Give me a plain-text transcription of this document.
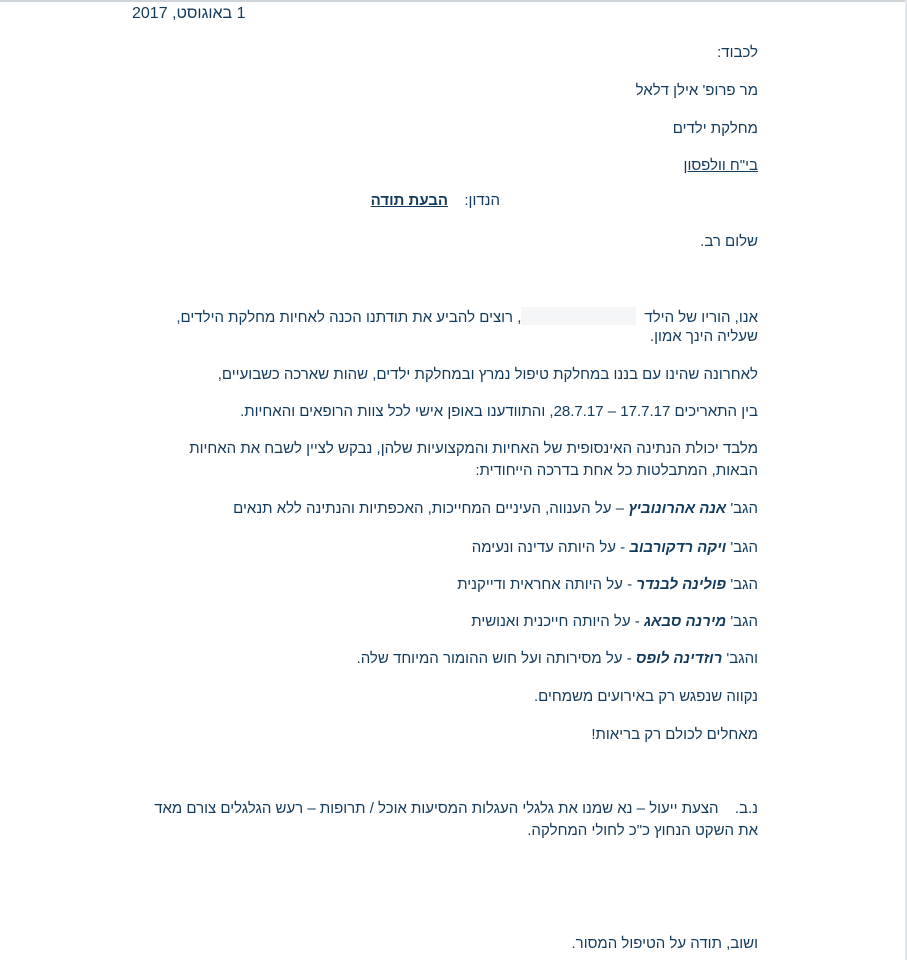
1 באוגוסט, 2017
לכבוד:
מר פרופ' אילן דלאל
מחלקת ילדים
בי"ח וולפסון
הנדון:  הבעת תודה
שלום רב.
אנו, הוריו של הילד, רוצים להביע את תודתנו הכנה לאחיות מחלקת הילדים,
שעליה הינך אמון.
לאחרונה שהינו עם בננו במחלקת טיפול נמרץ ובמחלקת ילדים, שהות שארכה כשבועיים,
בין התאריכים 17.7.17 – 28.7.17, והתוודענו באופן אישי לכל צוות הרופאים והאחיות.
מלבד יכולת הנתינה האינסופית של האחיות והמקצועיות שלהן, נבקש לציין לשבח את האחיות
הבאות, המתבלטות כל אחת בדרכה הייחודית:
הגב' אנה אהרונוביץ – על הענווה, העיניים המחייכות, האכפתיות והנתינה ללא תנאים
הגב' ויקה רדקורבוב - על היותה עדינה ונעימה
הגב' פולינה לבנדר - על היותה אחראית ודייקנית
הגב' מירנה סבאג - על היותה חייכנית ואנושית
והגב' רוזדינה לופס - על מסירותה ועל חוש ההומור המיוחד שלה.
נקווה שנפגש רק באירועים משמחים.
מאחלים לכולם רק בריאות!
נ.ב.  הצעת ייעול – נא שמנו את גלגלי העגלות המסיעות אוכל / תרופות – רעש הגלגלים צורם מאד
את השקט הנחוץ כ"כ לחולי המחלקה.
ושוב, תודה על הטיפול המסור.
